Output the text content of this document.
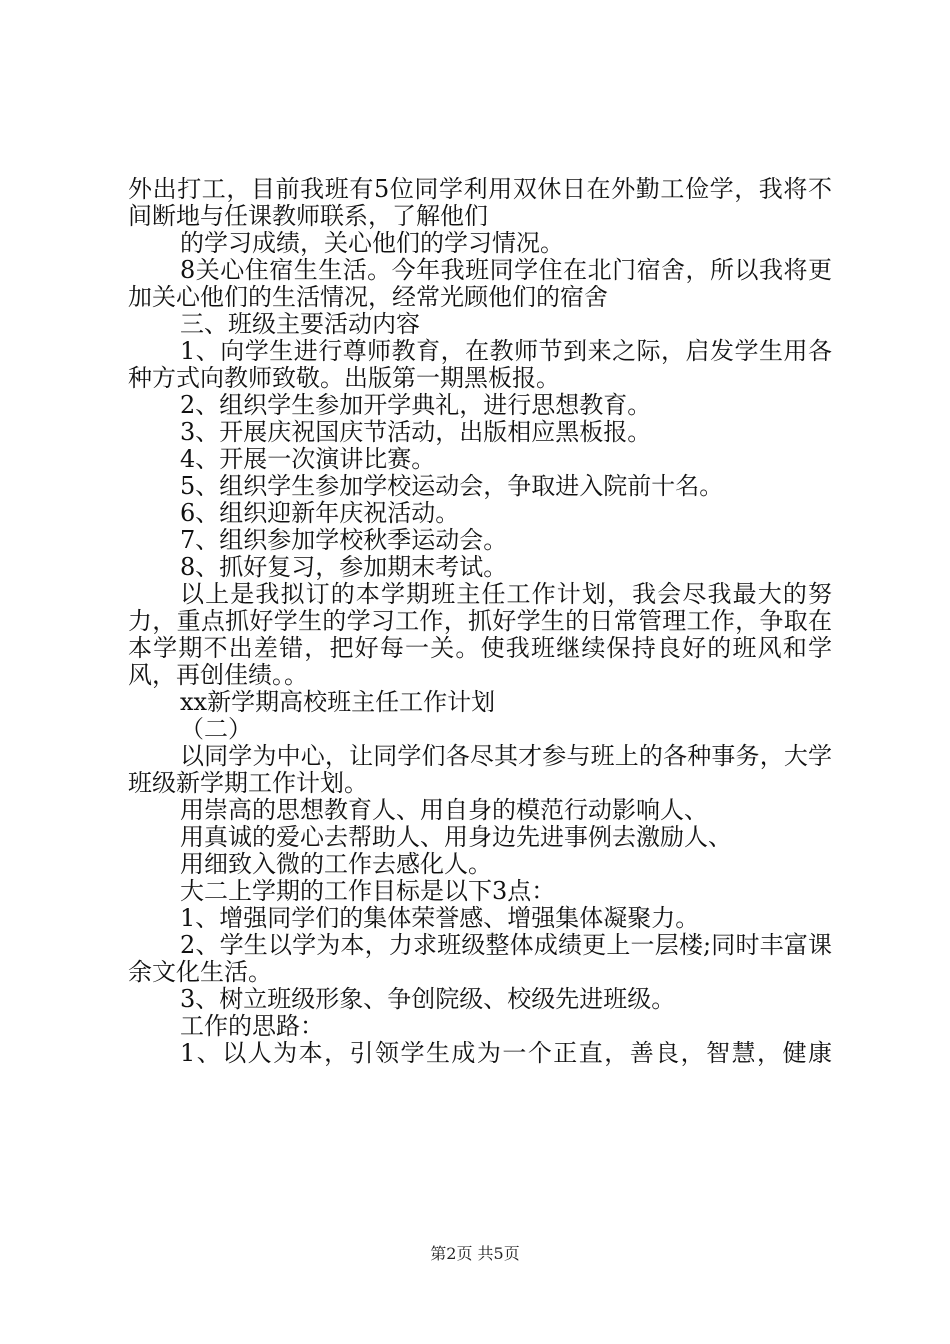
外出打工，目前我班有5位同学利用双休日在外勤工俭学，我将不间断地与任课教师联系，了解他们

的学习成绩，关心他们的学习情况。

8关心住宿生生活。今年我班同学住在北门宿舍，所以我将更加关心他们的生活情况，经常光顾他们的宿舍

三、班级主要活动内容

1、向学生进行尊师教育，在教师节到来之际，启发学生用各种方式向教师致敬。出版第一期黑板报。

2、组织学生参加开学典礼，进行思想教育。

3、开展庆祝国庆节活动，出版相应黑板报。

4、开展一次演讲比赛。

5、组织学生参加学校运动会，争取进入院前十名。

6、组织迎新年庆祝活动。

7、组织参加学校秋季运动会。

8、抓好复习，参加期末考试。

以上是我拟订的本学期班主任工作计划，我会尽我最大的努力，重点抓好学生的学习工作，抓好学生的日常管理工作，争取在本学期不出差错，把好每一关。使我班继续保持良好的班风和学风，再创佳绩。。

xx新学期高校班主任工作计划

（二）

以同学为中心，让同学们各尽其才参与班上的各种事务，大学班级新学期工作计划。

用崇高的思想教育人、用自身的模范行动影响人、

用真诚的爱心去帮助人、用身边先进事例去激励人、

用细致入微的工作去感化人。

大二上学期的工作目标是以下3点：

1、增强同学们的集体荣誉感、增强集体凝聚力。

2、学生以学为本，力求班级整体成绩更上一层楼;同时丰富课余文化生活。

3、树立班级形象、争创院级、校级先进班级。

工作的思路：

1、以人为本，引领学生成为一个正直，善良，智慧，健康

第2页 共5页
